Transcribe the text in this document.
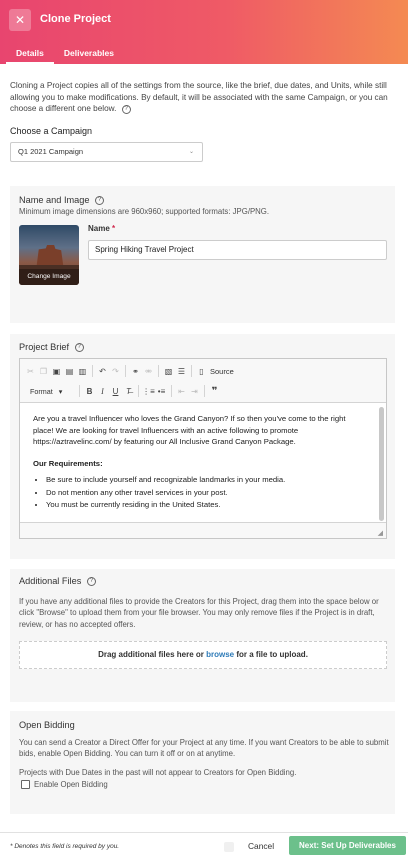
✕	Clone Project
Details	Deliverables
Cloning a Project copies all of the settings from the source, like the brief, due dates, and Units, while still allowing you to make modifications. By default, it will be associated with the same Campaign, or you can choose a different one below. ?
Choose a Campaign
Q1 2021 Campaign	⌄
Name and Image ?
Minimum image dimensions are 960x960; supported formats: JPG/PNG.
Change Image
Name *
Spring Hiking Travel Project
Project Brief ?
✂ ❐ ▣ ▤ ▥	↶ ↷	⚭ ⚮	▧ ☰	▯ Source
Format   ▾	B	I	U T̶	⋮≡ •≡	⇤ ⇥	❞

Are you a travel Influencer who loves the Grand Canyon? If so then you've come to the right place! We are looking for travel Influencers with an active following to promote https://aztravelinc.com/ by featuring our All Inclusive Grand Canyon Package.

Our Requirements:

• Be sure to include yourself and recognizable landmarks in your media.
• Do not mention any other travel services in your post.
• You must be currently residing in the United States.
◢
Additional Files ?
If you have any additional files to provide the Creators for this Project, drag them into the space below or click "Browse" to upload them from your file browser. You may only remove files if the Project is in draft, review, or has no accepted offers.
Drag additional files here or browse for a file to upload.
Open Bidding
You can send a Creator a Direct Offer for your Project at any time. If you want Creators to be able to submit bids, enable Open Bidding. You can turn it off or on at anytime.
Projects with Due Dates in the past will not appear to Creators for Open Bidding.
Enable Open Bidding
* Denotes this field is required by you.	Cancel	Next: Set Up Deliverables
